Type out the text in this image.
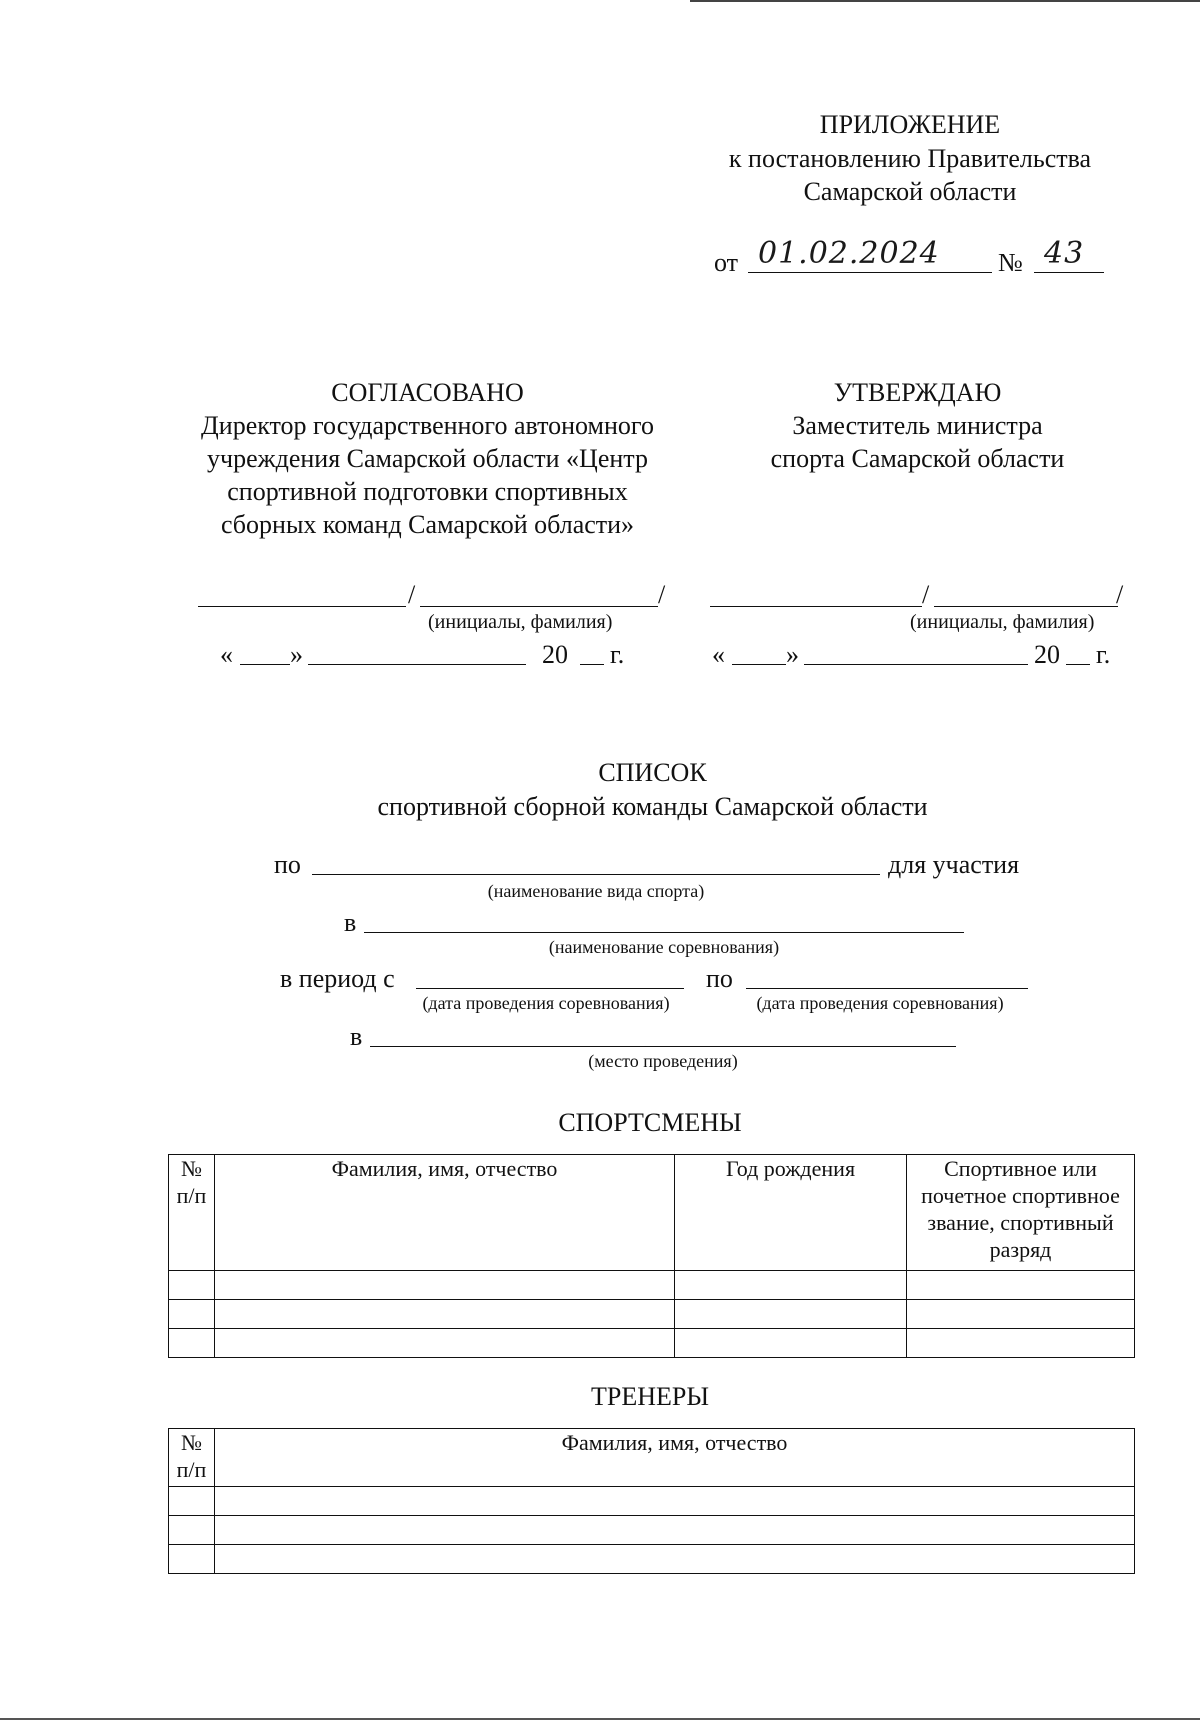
ПРИЛОЖЕНИЕ
к постановлению Правительства
Самарской области
от 01.02.2024 № 43
СОГЛАСОВАНО
Директор государственного автономного
учреждения Самарской области «Центр
спортивной подготовки спортивных
сборных команд Самарской области»
/	/
(инициалы, фамилия)
« »	20 г.
УТВЕРЖДАЮ
Заместитель министра
спорта Самарской области
/	/
(инициалы, фамилия)
« »	20 г.
СПИСОК
спортивной сборной команды Самарской области
по	для участия
(наименование вида спорта)
в
(наименование соревнования)
в период с	по
(дата проведения соревнования)	(дата проведения соревнования)
в
(место проведения)
СПОРТСМЕНЫ
№
п/п	Фамилия, имя, отчество	Год рождения	Спортивное или
почетное спортивное
звание, спортивный
разряд

ТРЕНЕРЫ
№
п/п	Фамилия, имя, отчество
